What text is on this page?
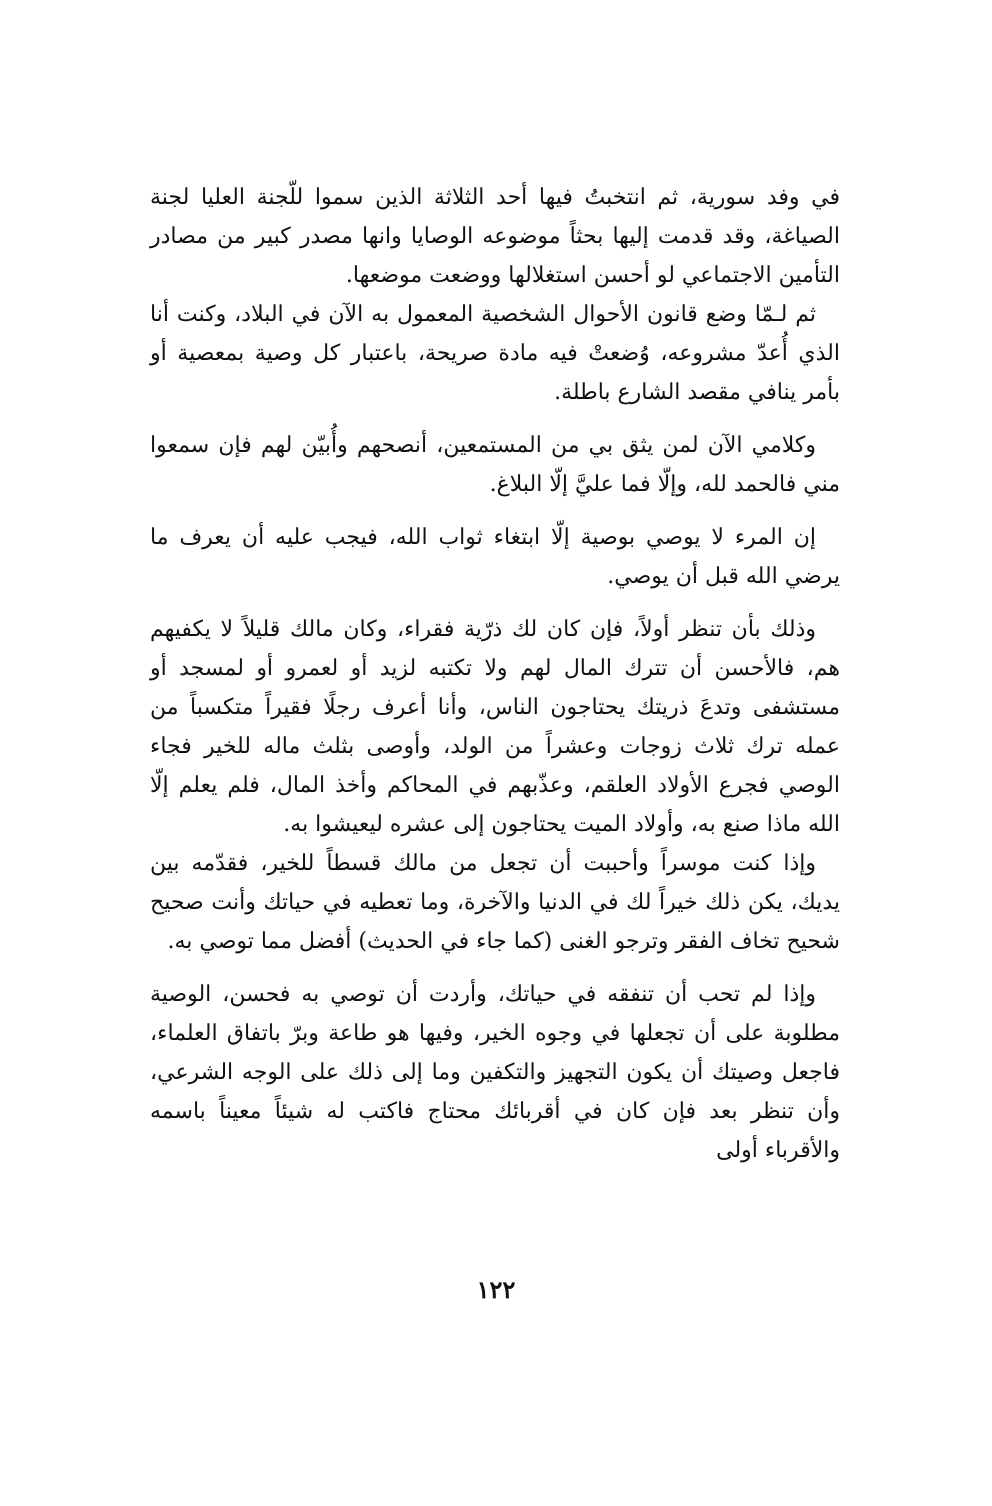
في وفد سورية، ثم انتخبتُ فيها أحد الثلاثة الذين سموا للّجنة العليا لجنة الصياغة، وقد قدمت إليها بحثاً موضوعه الوصايا وانها مصدر كبير من مصادر التأمين الاجتماعي لو أحسن استغلالها ووضعت موضعها.

ثم لـمّا وضع قانون الأحوال الشخصية المعمول به الآن في البلاد، وكنت أنا الذي أُعدّ مشروعه، وُضعتْ فيه مادة صريحة، باعتبار كل وصية بمعصية أو بأمر ينافي مقصد الشارع باطلة.

وكلامي الآن لمن يثق بي من المستمعين، أنصحهم وأُبيّن لهم فإن سمعوا مني فالحمد لله، وإلّا فما عليَّ إلّا البلاغ.

إن المرء لا يوصي بوصية إلّا ابتغاء ثواب الله، فيجب عليه أن يعرف ما يرضي الله قبل أن يوصي.

وذلك بأن تنظر أولاً، فإن كان لك ذرّية فقراء، وكان مالك قليلاً لا يكفيهم هم، فالأحسن أن تترك المال لهم ولا تكتبه لزيد أو لعمرو أو لمسجد أو مستشفى وتدعَ ذريتك يحتاجون الناس، وأنا أعرف رجلًا فقيراً متكسباً من عمله ترك ثلاث زوجات وعشراً من الولد، وأوصى بثلث ماله للخير فجاء الوصي فجرع الأولاد العلقم، وعذّبهم في المحاكم وأخذ المال، فلم يعلم إلّا الله ماذا صنع به، وأولاد الميت يحتاجون إلى عشره ليعيشوا به.

وإذا كنت موسراً وأحببت أن تجعل من مالك قسطاً للخير، فقدّمه بين يديك، يكن ذلك خيراً لك في الدنيا والآخرة، وما تعطيه في حياتك وأنت صحيح شحيح تخاف الفقر وترجو الغنى (كما جاء في الحديث) أفضل مما توصي به.

وإذا لم تحب أن تنفقه في حياتك، وأردت أن توصي به فحسن، الوصية مطلوبة على أن تجعلها في وجوه الخير، وفيها هو طاعة وبرّ باتفاق العلماء، فاجعل وصيتك أن يكون التجهيز والتكفين وما إلى ذلك على الوجه الشرعي، وأن تنظر بعد فإن كان في أقربائك محتاج فاكتب له شيئاً معيناً باسمه والأقرباء أولى

١٢٢
